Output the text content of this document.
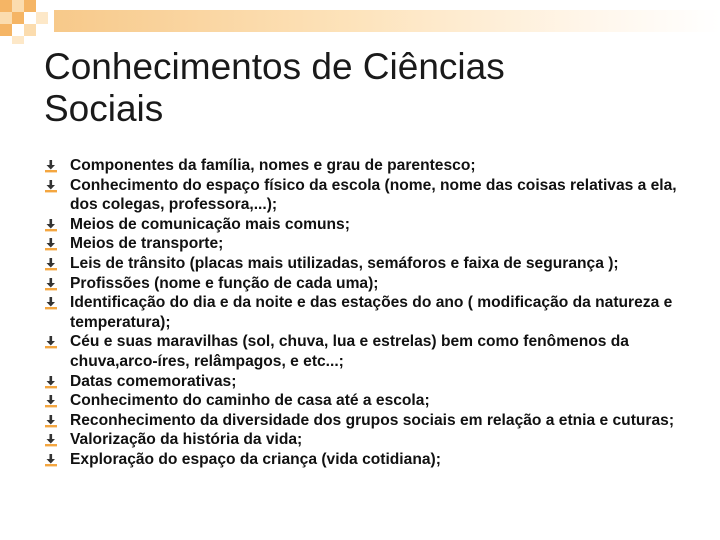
Conhecimentos de Ciências
Sociais
Componentes da família, nomes e grau de parentesco;
Conhecimento do espaço físico da escola (nome, nome das coisas relativas a ela, dos colegas, professora,...);
Meios de comunicação mais comuns;
Meios de transporte;
Leis de trânsito (placas mais utilizadas, semáforos e faixa de segurança );
Profissões (nome e função de cada uma);
Identificação do dia e da noite e das estações do ano ( modificação da natureza e temperatura);
Céu e suas maravilhas (sol, chuva, lua e estrelas) bem como fenômenos da chuva,arco-íres, relâmpagos, e etc...;
Datas comemorativas;
Conhecimento do caminho de casa até a escola;
Reconhecimento da diversidade dos grupos sociais em relação a etnia e cuturas;
Valorização da história da vida;
Exploração do espaço da criança (vida cotidiana);
